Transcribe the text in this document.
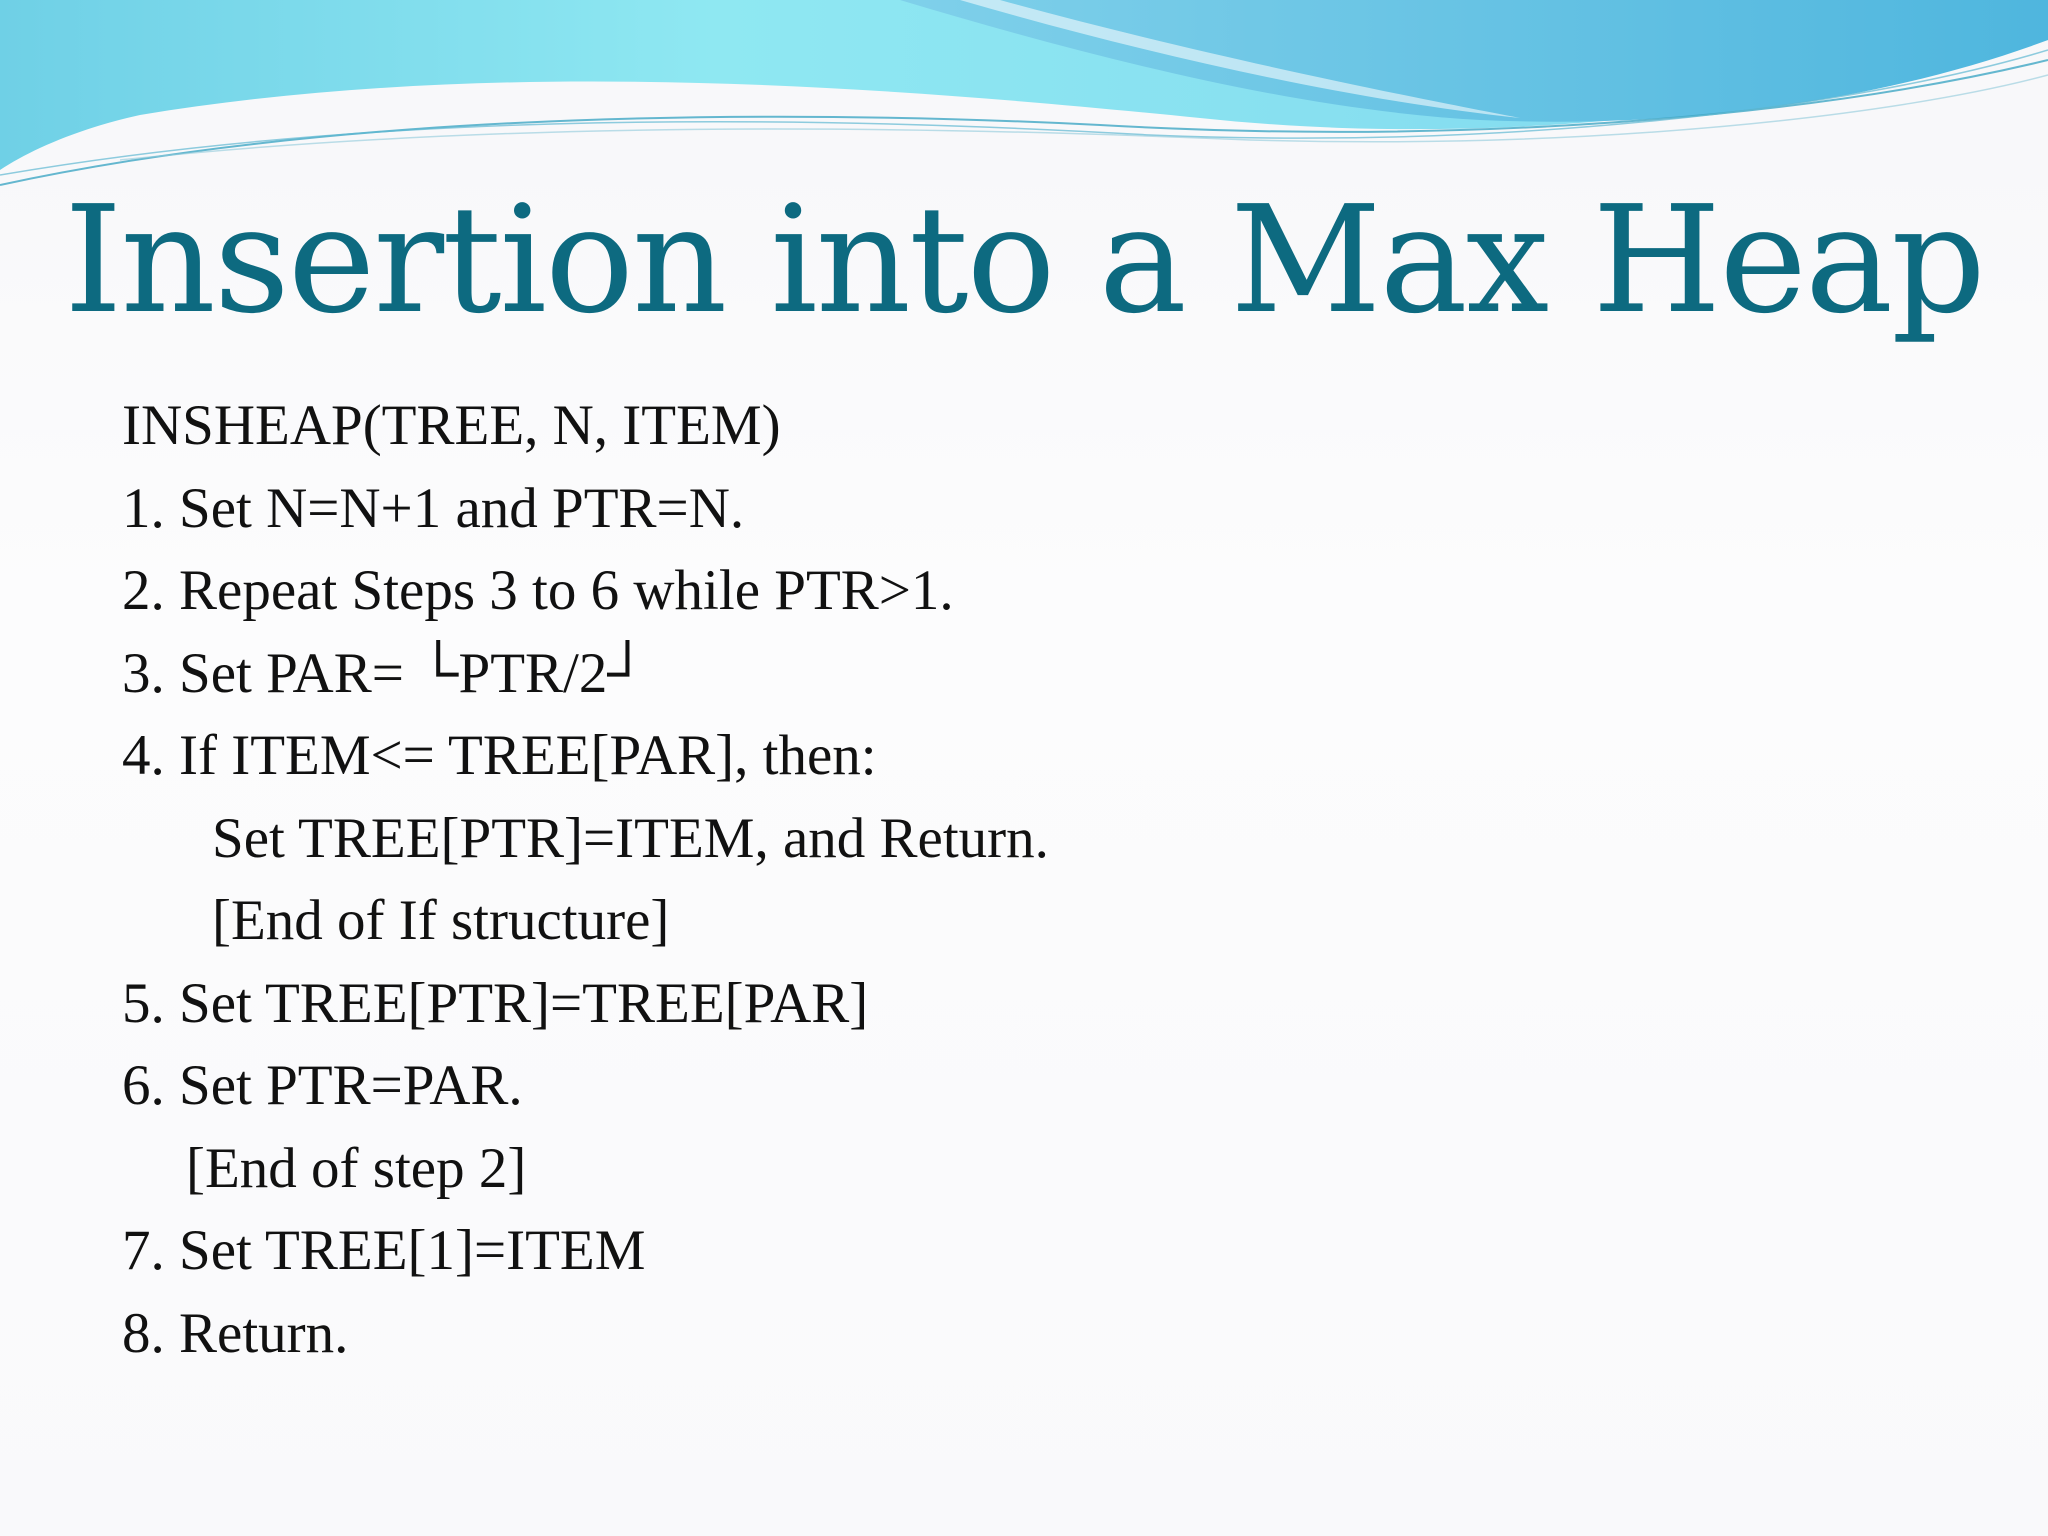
Insertion into a Max Heap
INSHEAP(TREE, N, ITEM)
1. Set N=N+1 and PTR=N.
2. Repeat Steps 3 to 6 while PTR>1.
3. Set PAR= └PTR/2┘
4. If ITEM<= TREE[PAR], then:
Set TREE[PTR]=ITEM, and Return.
[End of If structure]
5. Set TREE[PTR]=TREE[PAR]
6. Set PTR=PAR.
[End of step 2]
7. Set TREE[1]=ITEM
8. Return.
